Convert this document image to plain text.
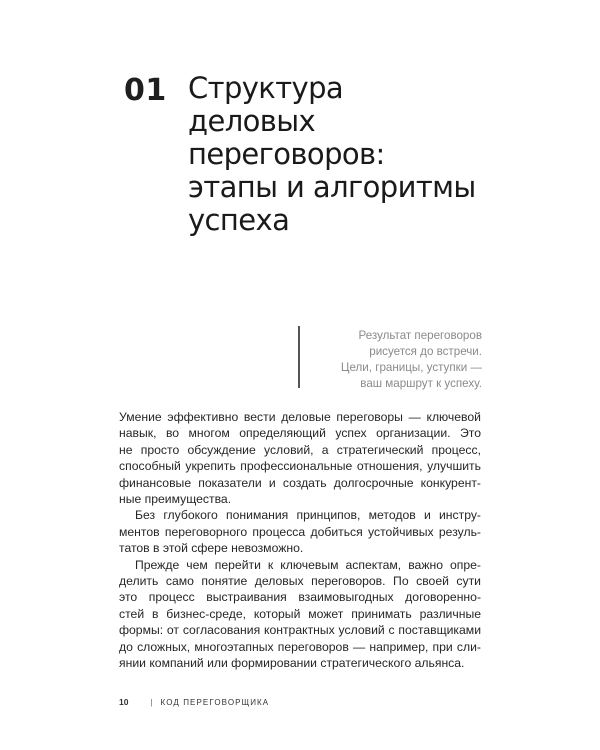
01 Структура
деловых
переговоров:
этапы и алгоритмы
успеха
Результат переговоров
рисуется до встречи.
Цели, границы, уступки —
ваш маршрут к успеху.
Умение эффективно вести деловые переговоры — ключевой
навык, во многом определяющий успех организации. Это
не просто обсуждение условий, а стратегический процесс,
способный укрепить профессиональные отношения, улучшить
финансовые показатели и создать долгосрочные конкурент-
ные преимущества.
Без глубокого понимания принципов, методов и инстру-
ментов переговорного процесса добиться устойчивых резуль-
татов в этой сфере невозможно.
Прежде чем перейти к ключевым аспектам, важно опре-
делить само понятие деловых переговоров. По своей сути
это процесс выстраивания взаимовыгодных договоренно-
стей в бизнес-среде, который может принимать различные
формы: от согласования контрактных условий с поставщиками
до сложных, многоэтапных переговоров — например, при сли-
янии компаний или формировании стратегического альянса.
10	| КОД ПЕРЕГОВОРЩИКА
